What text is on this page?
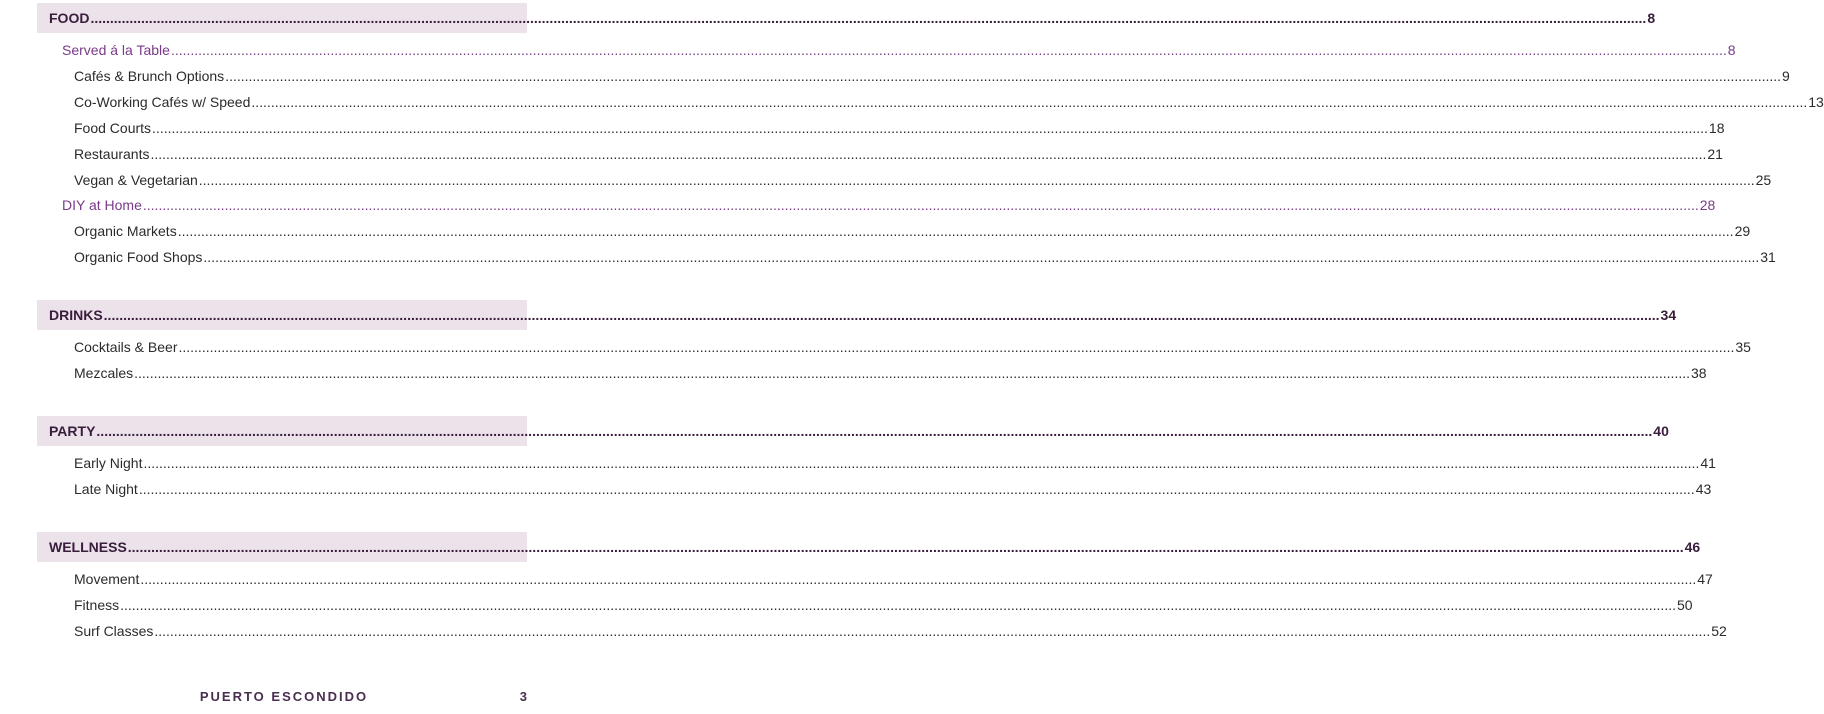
FOOD ................................................................................................................................................................................................................................................................................................................................................................................................................ 8
Served á la Table ................................................................................................................................................................................................................................................................................................................................................................................................................ 8
Cafés & Brunch Options ................................................................................................................................................................................................................................................................................................................................................................................................................ 9
Co-Working Cafés w/ Speed ................................................................................................................................................................................................................................................................................................................................................................................................................ 13
Food Courts ................................................................................................................................................................................................................................................................................................................................................................................................................ 18
Restaurants ................................................................................................................................................................................................................................................................................................................................................................................................................ 21
Vegan & Vegetarian ................................................................................................................................................................................................................................................................................................................................................................................................................ 25
DIY at Home ................................................................................................................................................................................................................................................................................................................................................................................................................ 28
Organic Markets ................................................................................................................................................................................................................................................................................................................................................................................................................ 29
Organic Food Shops ................................................................................................................................................................................................................................................................................................................................................................................................................ 31
DRINKS ................................................................................................................................................................................................................................................................................................................................................................................................................ 34
Cocktails & Beer ................................................................................................................................................................................................................................................................................................................................................................................................................ 35
Mezcales ................................................................................................................................................................................................................................................................................................................................................................................................................ 38
PARTY ................................................................................................................................................................................................................................................................................................................................................................................................................ 40
Early Night ................................................................................................................................................................................................................................................................................................................................................................................................................ 41
Late Night ................................................................................................................................................................................................................................................................................................................................................................................................................ 43
WELLNESS ................................................................................................................................................................................................................................................................................................................................................................................................................ 46
Movement ................................................................................................................................................................................................................................................................................................................................................................................................................ 47
Fitness ................................................................................................................................................................................................................................................................................................................................................................................................................ 50
Surf Classes ................................................................................................................................................................................................................................................................................................................................................................................................................ 52
PUERTO ESCONDIDO	3
